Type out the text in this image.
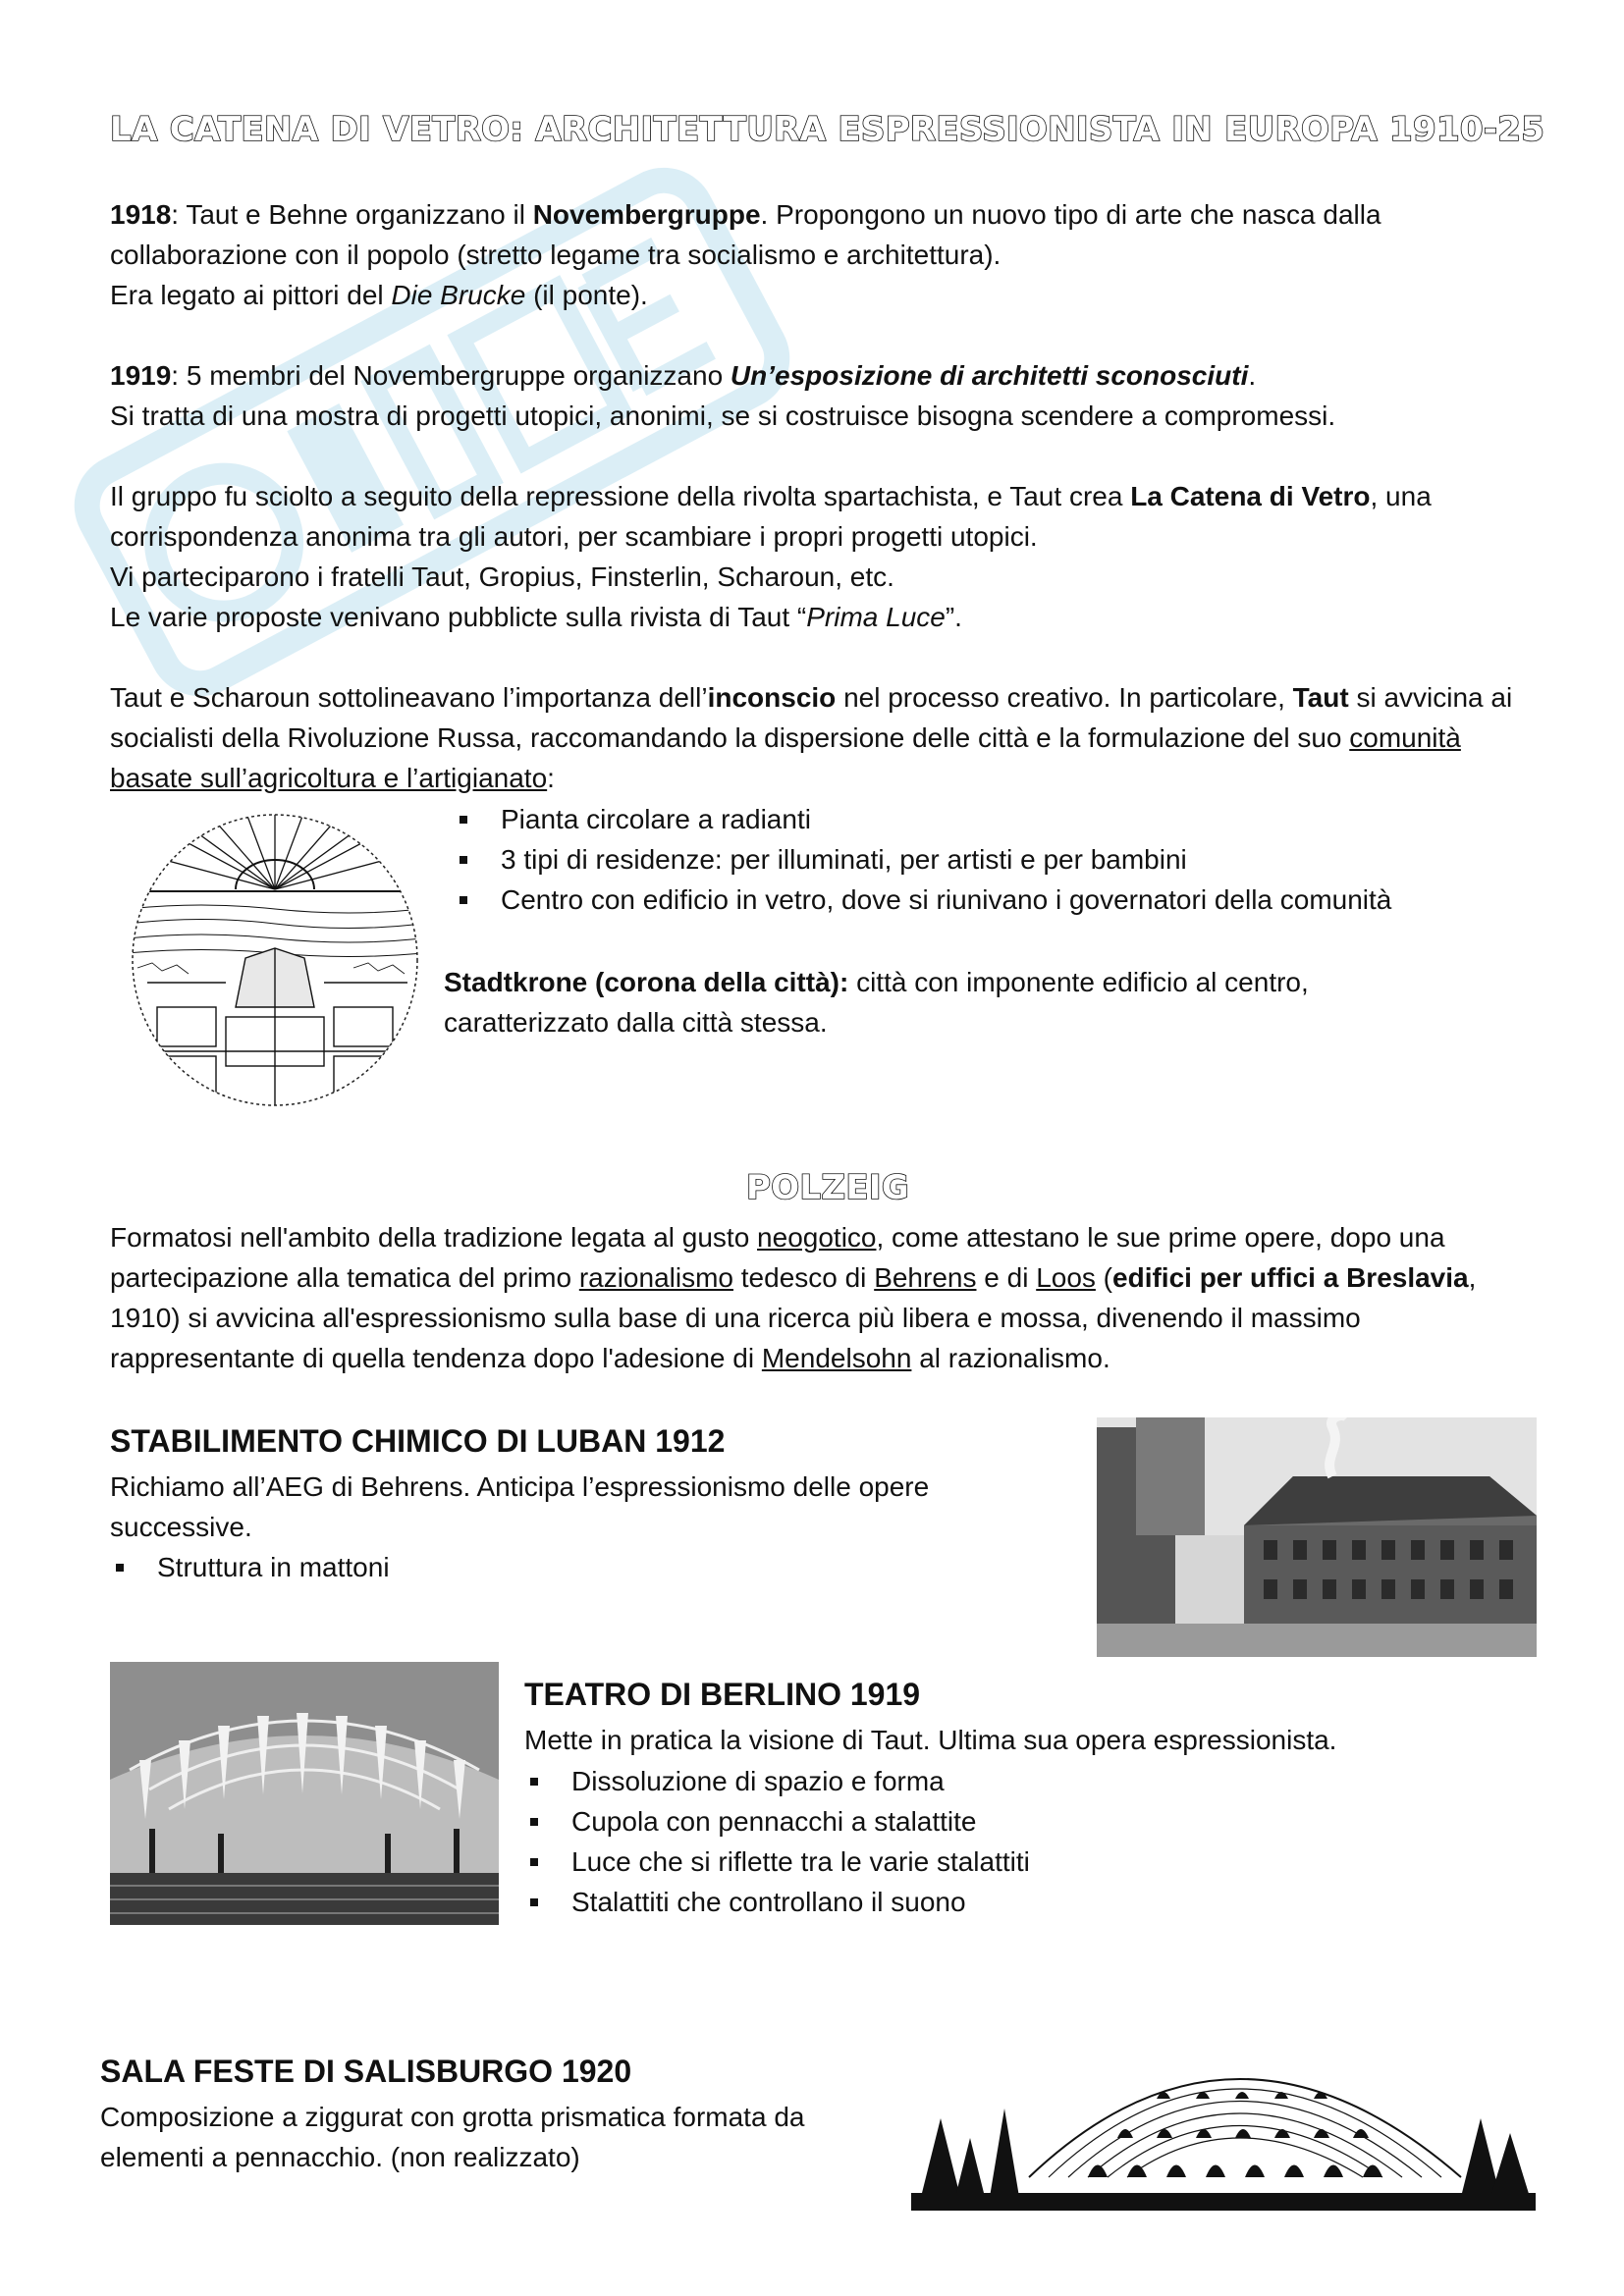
LA CATENA DI VETRO: ARCHITETTURA ESPRESSIONISTA IN EUROPA 1910-25
1918: Taut e Behne organizzano il Novembergruppe. Propongono un nuovo tipo di arte che nasca dalla collaborazione con il popolo (stretto legame tra socialismo e architettura).
Era legato ai pittori del Die Brucke (il ponte).
1919: 5 membri del Novembergruppe organizzano Un’esposizione di architetti sconosciuti.
Si tratta di una mostra di progetti utopici, anonimi, se si costruisce bisogna scendere a compromessi.
Il gruppo fu sciolto a seguito della repressione della rivolta spartachista, e Taut crea La Catena di Vetro, una corrispondenza anonima tra gli autori, per scambiare i propri progetti utopici.
Vi parteciparono i fratelli Taut, Gropius, Finsterlin, Scharoun, etc.
Le varie proposte venivano pubblicte sulla rivista di Taut “Prima Luce”.
Taut e Scharoun sottolineavano l’importanza dell’inconscio nel processo creativo. In particolare, Taut si avvicina ai socialisti della Rivoluzione Russa, raccomandando la dispersione delle città e la formulazione del suo comunità basate sull’agricoltura e l’artigianato:
Pianta circolare a radianti
3 tipi di residenze: per illuminati, per artisti e per bambini
Centro con edificio in vetro, dove si riunivano i governatori della comunità
Stadtkrone (corona della città): città con imponente edificio al centro, caratterizzato dalla città stessa.
POLZEIG
Formatosi nell'ambito della tradizione legata al gusto neogotico, come attestano le sue prime opere, dopo una partecipazione alla tematica del primo razionalismo tedesco di Behrens e di Loos (edifici per uffici a Breslavia, 1910) si avvicina all'espressionismo sulla base di una ricerca più libera e mossa, divenendo il massimo rappresentante di quella tendenza dopo l'adesione di Mendelsohn al razionalismo.
STABILIMENTO CHIMICO DI LUBAN 1912
Richiamo all’AEG di Behrens. Anticipa l’espressionismo delle opere successive.
Struttura in mattoni
TEATRO DI BERLINO 1919
Mette in pratica la visione di Taut. Ultima sua opera espressionista.
Dissoluzione di spazio e forma
Cupola con pennacchi a stalattite
Luce che si riflette tra le varie stalattiti
Stalattiti che controllano il suono
SALA FESTE DI SALISBURGO 1920
Composizione a ziggurat con grotta prismatica formata da elementi a pennacchio. (non realizzato)
